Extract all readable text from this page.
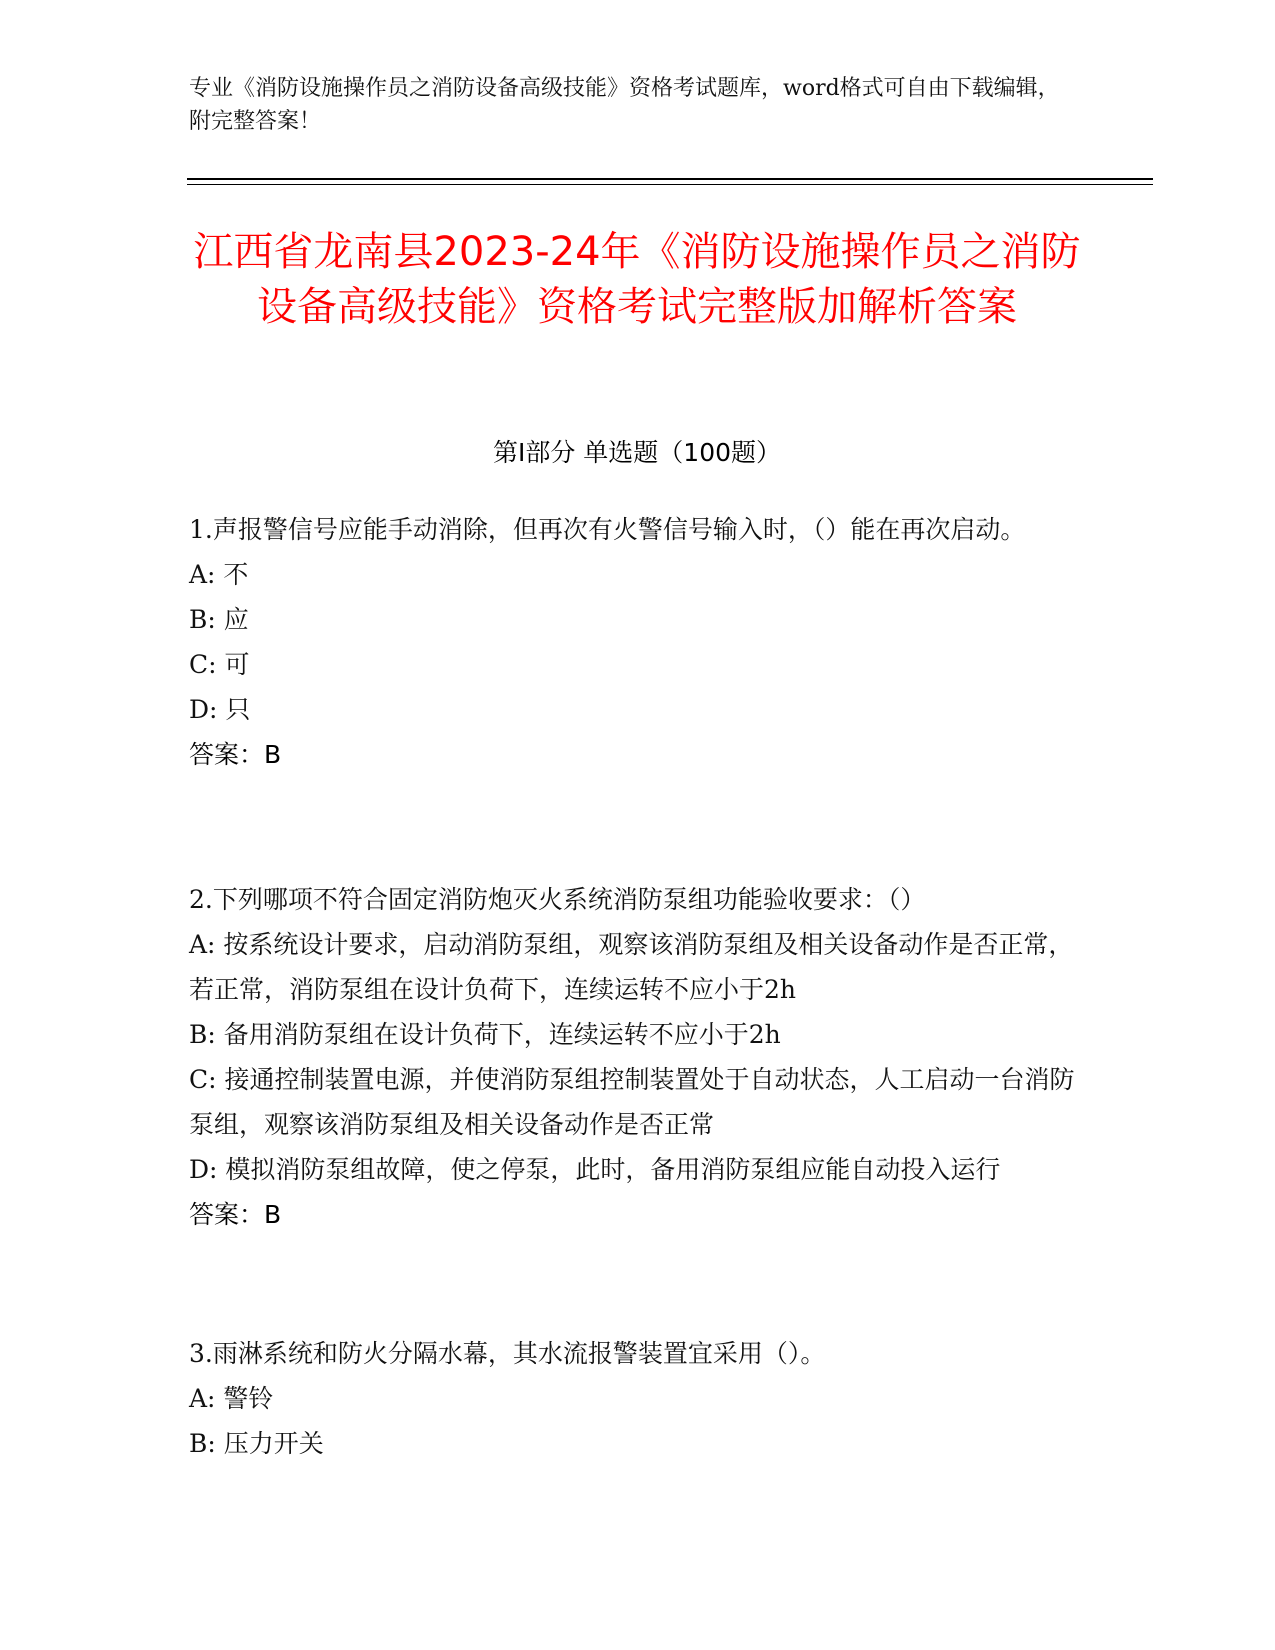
专业《消防设施操作员之消防设备高级技能》资格考试题库，word格式可自由下载编辑，附完整答案！
江西省龙南县2023-24年《消防设施操作员之消防设备高级技能》资格考试完整版加解析答案
第Ⅰ部分 单选题（100题）

1.声报警信号应能手动消除，但再次有火警信号输入时，（）能在再次启动。

A: 不

B: 应

C: 可

D: 只

答案：B

2.下列哪项不符合固定消防炮灭火系统消防泵组功能验收要求：（）

A: 按系统设计要求，启动消防泵组，观察该消防泵组及相关设备动作是否正常，若正常，消防泵组在设计负荷下，连续运转不应小于2h

B: 备用消防泵组在设计负荷下，连续运转不应小于2h

C: 接通控制装置电源，并使消防泵组控制装置处于自动状态，人工启动一台消防泵组，观察该消防泵组及相关设备动作是否正常

D: 模拟消防泵组故障，使之停泵，此时，备用消防泵组应能自动投入运行

答案：B

3.雨淋系统和防火分隔水幕，其水流报警装置宜采用（）。

A: 警铃

B: 压力开关
